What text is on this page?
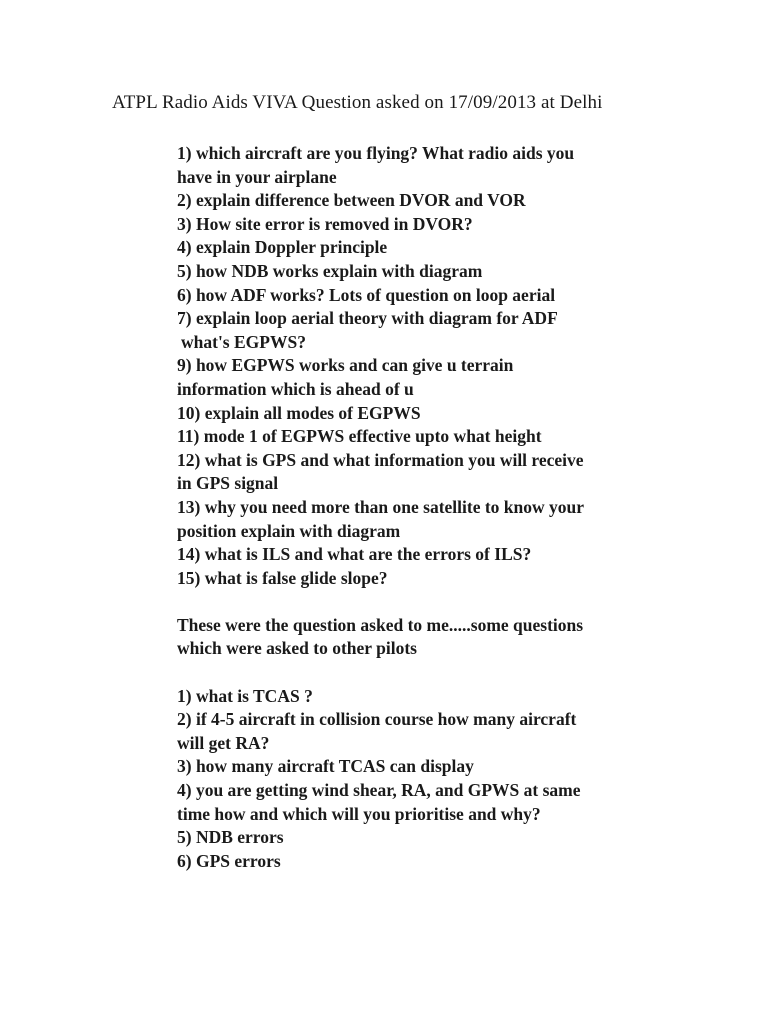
ATPL Radio Aids VIVA Question asked on 17/09/2013 at Delhi

1) which aircraft are you flying? What radio aids you

have in your airplane

2) explain difference between DVOR and VOR

3) How site error is removed in DVOR?

4) explain Doppler principle

5) how NDB works explain with diagram

6) how ADF works? Lots of question on loop aerial

7) explain loop aerial theory with diagram for ADF

what's EGPWS?

9) how EGPWS works and can give u terrain

information which is ahead of u

10) explain all modes of EGPWS

11) mode 1 of EGPWS effective upto what height

12) what is GPS and what information you will receive

in GPS signal

13) why you need more than one satellite to know your

position explain with diagram

14) what is ILS and what are the errors of ILS?

15) what is false glide slope?

These were the question asked to me.....some questions

which were asked to other pilots

1) what is TCAS ?

2) if 4-5 aircraft in collision course how many aircraft

will get RA?

3) how many aircraft TCAS can display

4) you are getting wind shear, RA, and GPWS at same

time how and which will you prioritise and why?

5) NDB errors

6) GPS errors
